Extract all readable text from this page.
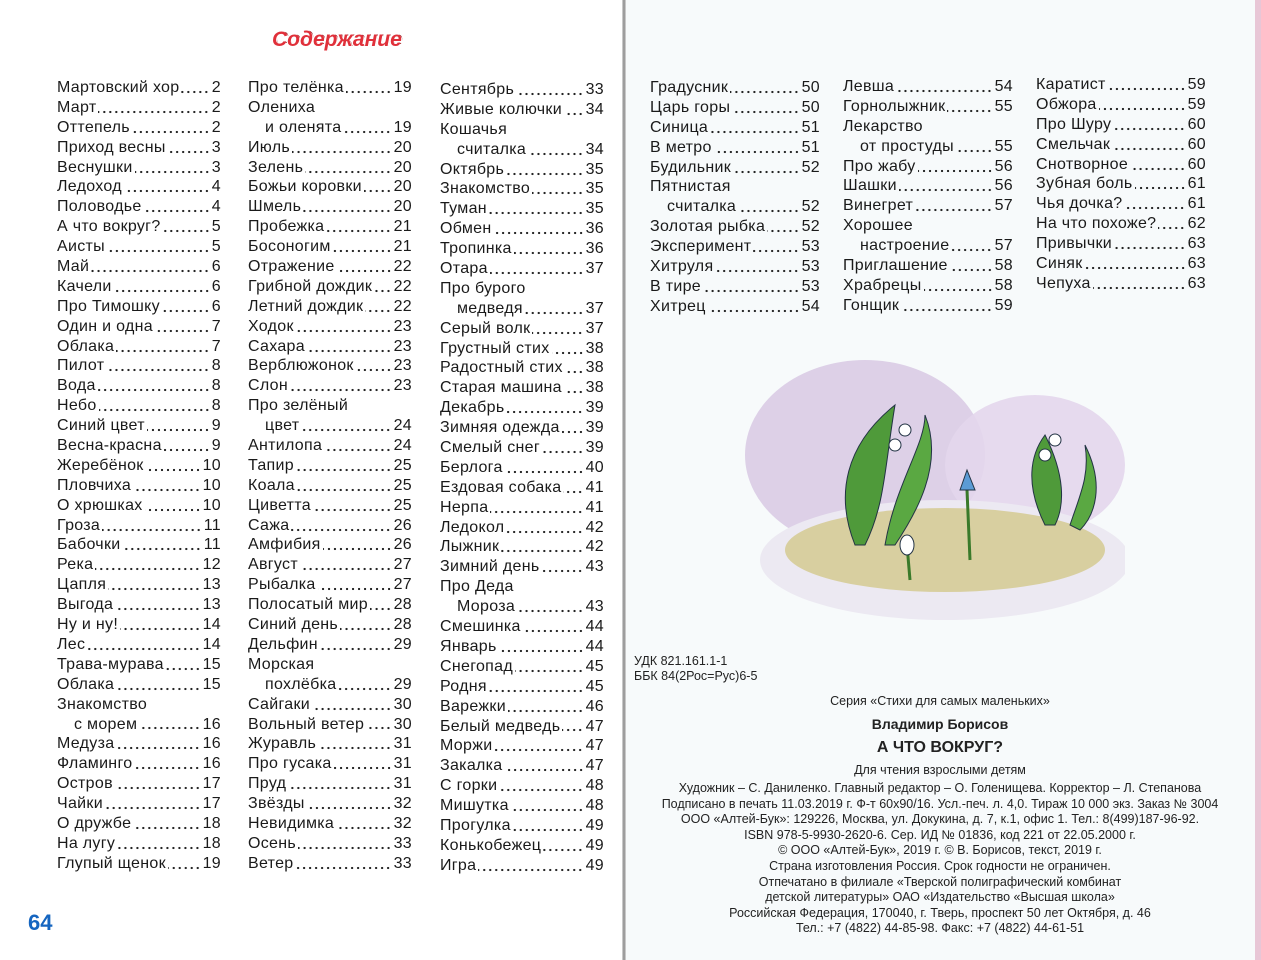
Содержание
Мартовский хор 2
Март	2
Оттепель	2
Приход весны	3
Веснушки	3
Ледоход	4
Половодье	4
А что вокруг?	5
Аисты	5
Май	6
Качели	6
Про Тимошку	6
Один и одна	7
Облака	7
Пилот	8
Вода	8
Небо	8
Синий цвет	9
Весна-красна	9
Жеребёнок	10
Пловчиха	10
О хрюшках	10
Гроза	11
Бабочки	11
Река	12
Цапля	13
Выгода	13
Ну и ну!	14
Лес	14
Трава-мурава 15
Облака	15
Знакомство
с морем	16
Медуза	16
Фламинго	16
Остров	17
Чайки	17
О дружбе	18
На лугу	18
Глупый щенок 19
Про телёнка	19
Олениха
и оленята	19
Июль	20
Зелень	20
Божьи коровки 20
Шмель	20
Пробежка	21
Босоногим	21
Отражение	22
Грибной дождик 22
Летний дождик 22
Ходок	23
Сахара	23
Верблюжонок 23
Слон	23
Про зелёный
цвет	24
Антилопа	24
Тапир	25
Коала	25
Циветта	25
Сажа	26
Амфибия	26
Август	27
Рыбалка	27
Полосатый мир 28
Синий день	28
Дельфин	29
Морская
похлёбка	29
Сайгаки	30
Вольный ветер 30
Журавль	31
Про гусака	31
Пруд	31
Звёзды	32
Невидимка	32
Осень	33
Ветер	33
Сентябрь	33
Живые колючки 34
Кошачья
считалка	34
Октябрь	35
Знакомство	35
Туман	35
Обмен	36
Тропинка	36
Отара	37
Про бурого
медведя	37
Серый волк	37
Грустный стих 38
Радостный стих 38
Старая машина 38
Декабрь	39
Зимняя одежда 39
Смелый снег	39
Берлога	40
Ездовая собака 41
Нерпа	41
Ледокол	42
Лыжник	42
Зимний день	43
Про Деда
Мороза	43
Смешинка	44
Январь	44
Снегопад	45
Родня	45
Варежки	46
Белый медведь 47
Моржи	47
Закалка	47
С горки	48
Мишутка	48
Прогулка	49
Конькобежец	49
Игра	49
Градусник	50
Царь горы	50
Синица	51
В метро	51
Будильник	52
Пятнистая
считалка	52
Золотая рыбка 52
Эксперимент	53
Хитруля	53
В тире	53
Хитрец	54
Левша	54
Горнолыжник	55
Лекарство
от простуды	55
Про жабу	56
Шашки	56
Винегрет	57
Хорошее
настроение	57
Приглашение	58
Храбрецы	58
Гонщик	59
Каратист	59
Обжора	59
Про Шуру	60
Смельчак	60
Снотворное	60
Зубная боль	61
Чья дочка?	61
На что похоже? 62
Привычки	63
Синяк	63
Чепуха	63
64
УДК 821.161.1-1
ББК 84(2Рос=Рус)6-5
Серия «Стихи для самых маленьких»
Владимир Борисов
А ЧТО ВОКРУГ?
Для чтения взрослыми детям
Художник – С. Даниленко. Главный редактор – О. Голенищева. Корректор – Л. Степанова
Подписано в печать 11.03.2019 г. Ф-т 60х90/16. Усл.-печ. л. 4,0. Тираж 10 000 экз. Заказ № 3004
ООО «Алтей-Бук»: 129226, Москва, ул. Докукина, д. 7, к.1, офис 1. Тел.: 8(499)187-96-92.
ISBN 978-5-9930-2620-6. Сер. ИД № 01836, код 221 от 22.05.2000 г.
© ООО «Алтей-Бук», 2019 г. © В. Борисов, текст, 2019 г.
Страна изготовления Россия. Срок годности не ограничен.
Отпечатано в филиале «Тверской полиграфический комбинат
детской литературы» ОАО «Издательство «Высшая школа»
Российская Федерация, 170040, г. Тверь, проспект 50 лет Октября, д. 46
Тел.: +7 (4822) 44-85-98. Факс: +7 (4822) 44-61-51
